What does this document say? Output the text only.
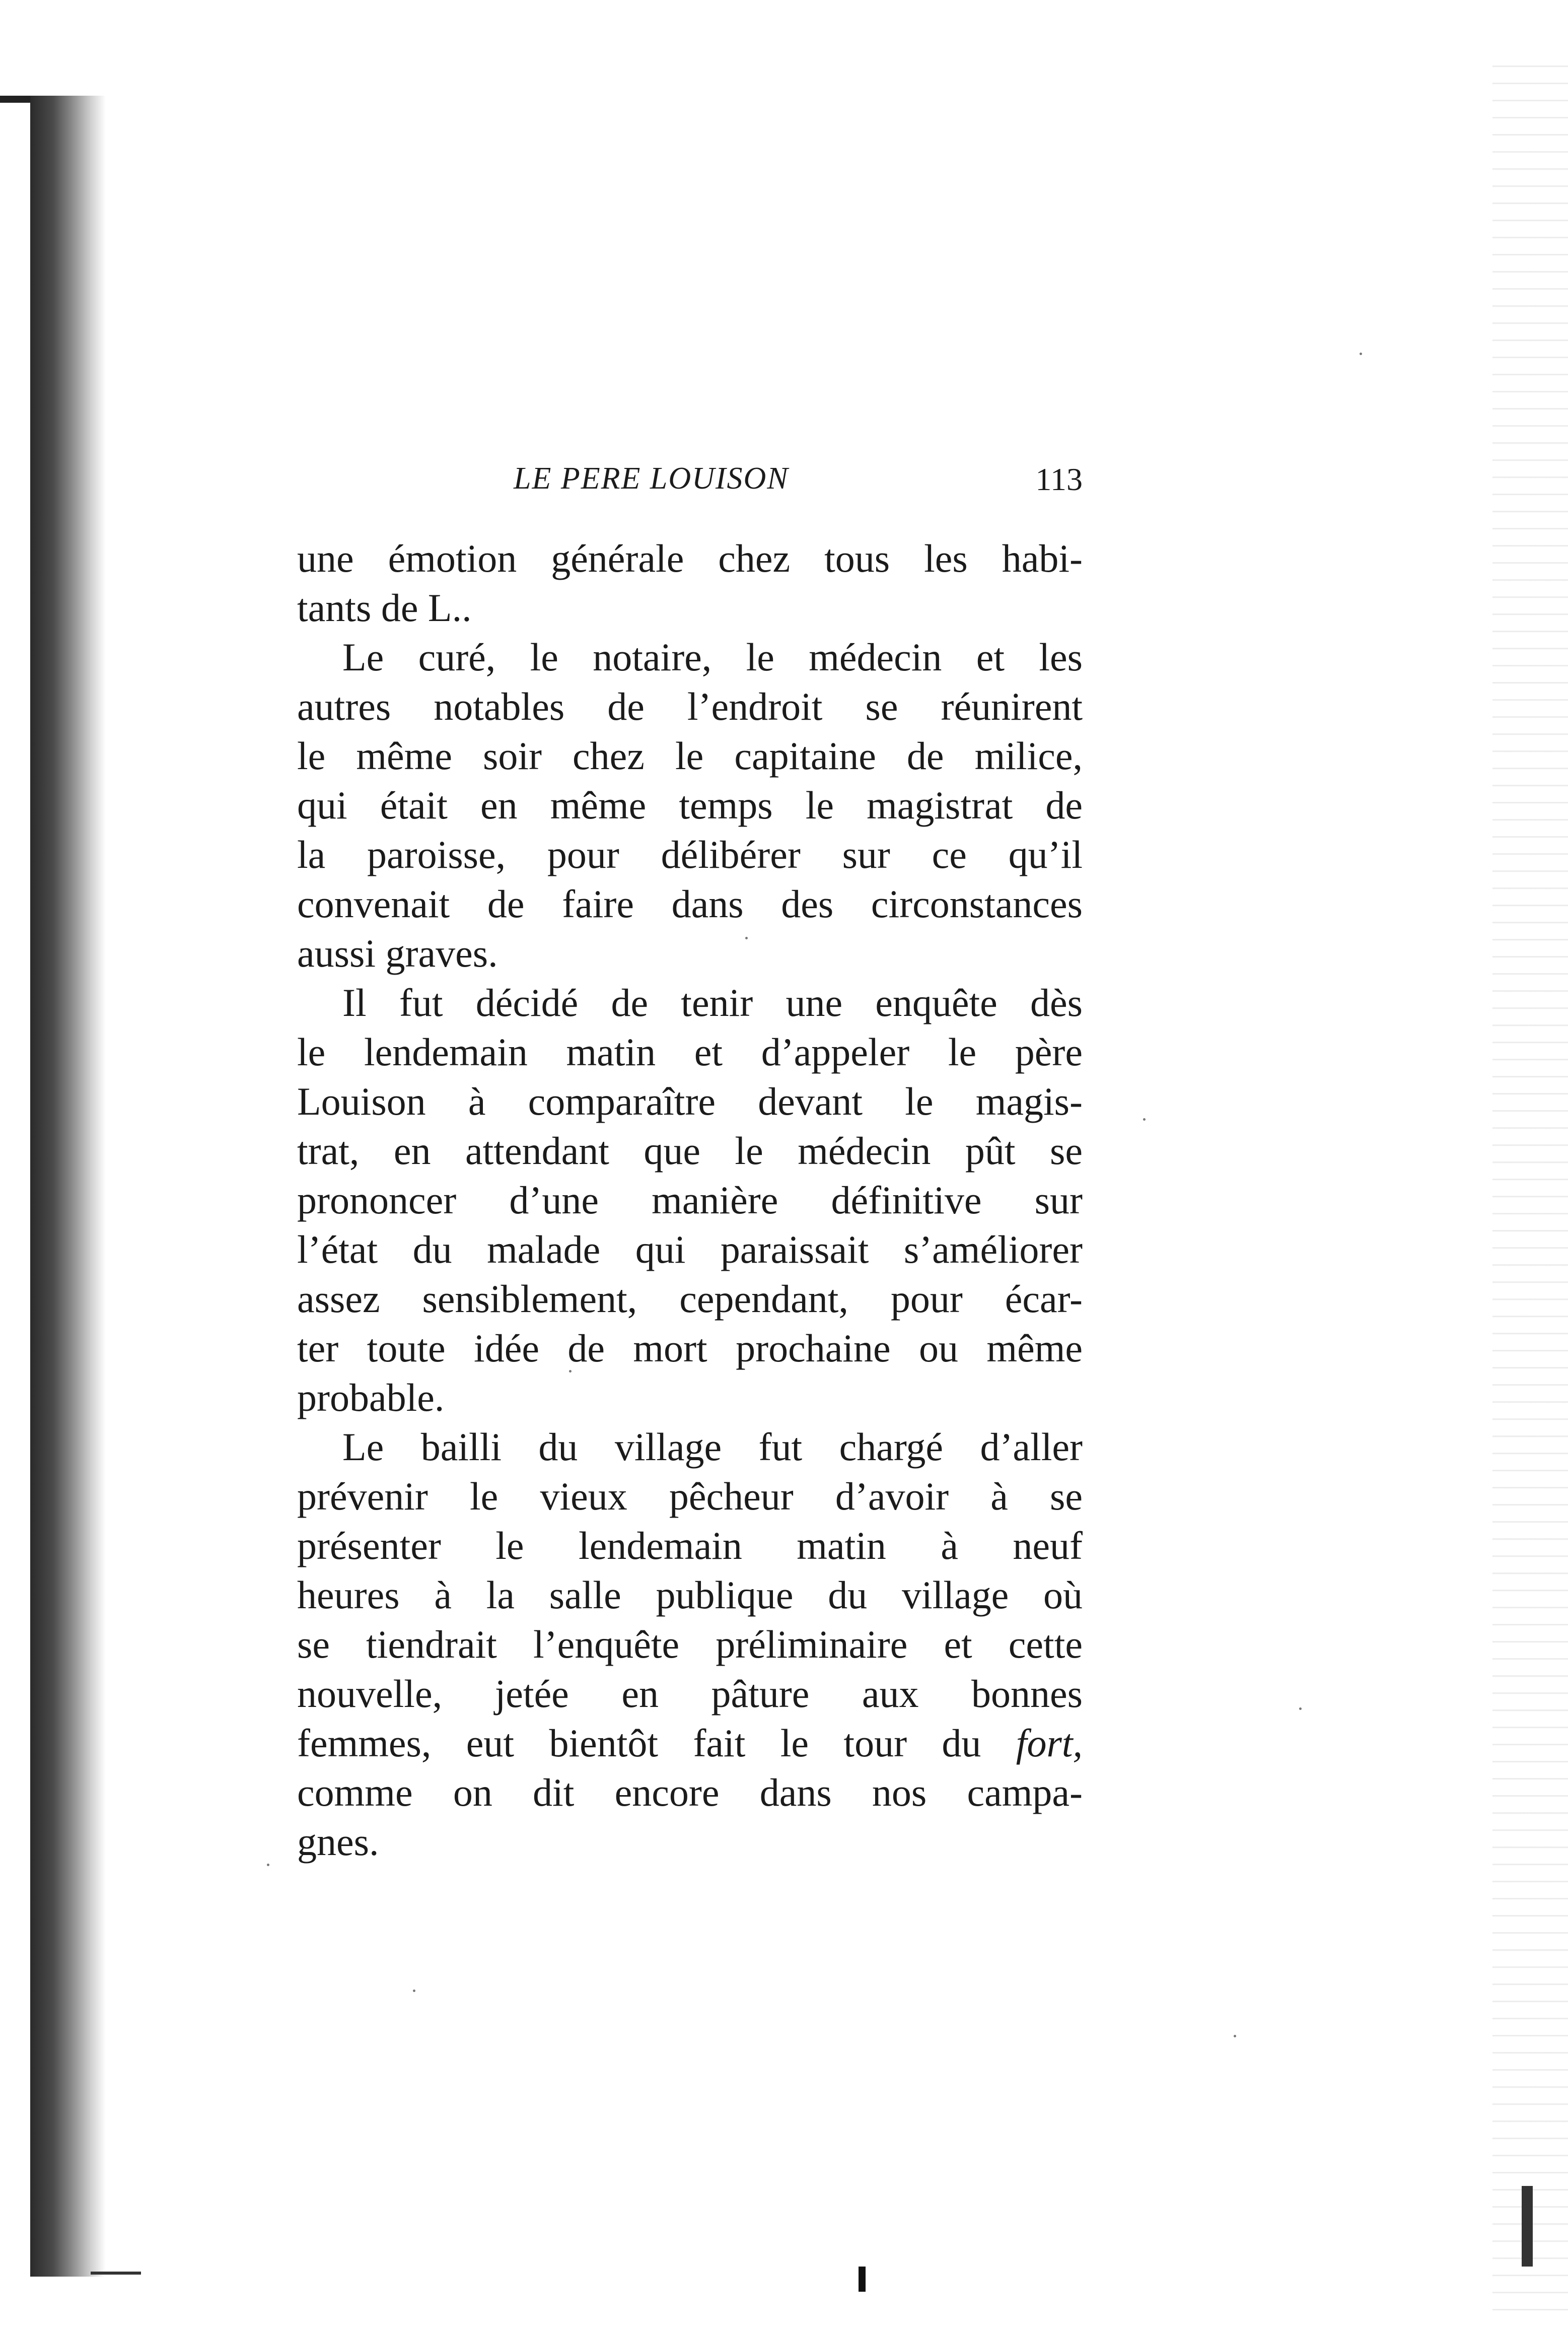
LE PERE LOUISON	113
une émotion générale chez tous les habi-
tants de L..
Le curé, le notaire, le médecin et les
autres notables de l’endroit se réunirent
le même soir chez le capitaine de milice,
qui était en même temps le magistrat de
la paroisse, pour délibérer sur ce qu’il
convenait de faire dans des circonstances
aussi graves.
Il fut décidé de tenir une enquête dès
le lendemain matin et d’appeler le père
Louison à comparaître devant le magis-
trat, en attendant que le médecin pût se
prononcer d’une manière définitive sur
l’état du malade qui paraissait s’améliorer
assez sensiblement, cependant, pour écar-
ter toute idée de mort prochaine ou même
probable.
Le bailli du village fut chargé d’aller
prévenir le vieux pêcheur d’avoir à se
présenter le lendemain matin à neuf
heures à la salle publique du village où
se tiendrait l’enquête préliminaire et cette
nouvelle, jetée en pâture aux bonnes
femmes, eut bientôt fait le tour du fort,
comme on dit encore dans nos campa-
gnes.
